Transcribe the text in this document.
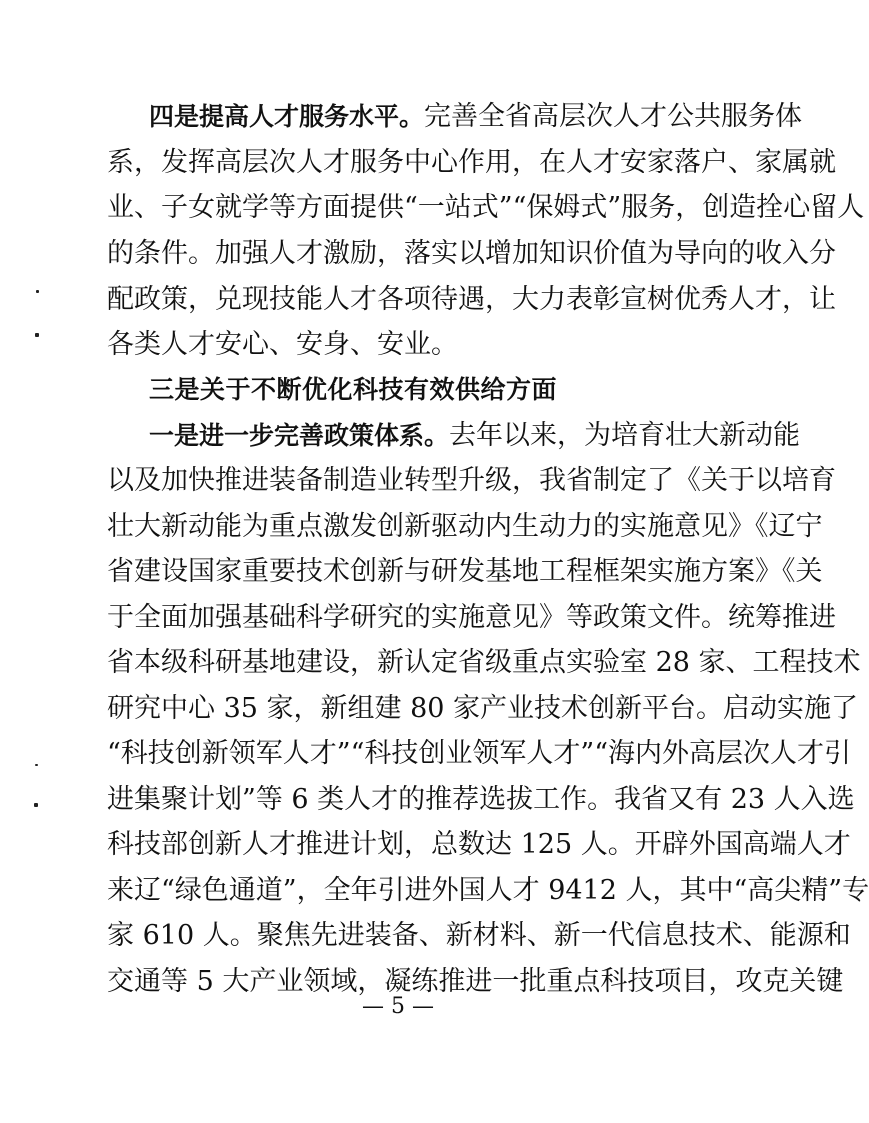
四是提高人才服务水平。完善全省高层次人才公共服务体
系，发挥高层次人才服务中心作用，在人才安家落户、家属就
业、子女就学等方面提供“一站式”“保姆式”服务，创造拴心留人
的条件。加强人才激励，落实以增加知识价值为导向的收入分
配政策，兑现技能人才各项待遇，大力表彰宣树优秀人才，让
各类人才安心、安身、安业。
三是关于不断优化科技有效供给方面
一是进一步完善政策体系。去年以来，为培育壮大新动能
以及加快推进装备制造业转型升级，我省制定了《关于以培育
壮大新动能为重点激发创新驱动内生动力的实施意见》《辽宁
省建设国家重要技术创新与研发基地工程框架实施方案》《关
于全面加强基础科学研究的实施意见》等政策文件。统筹推进
省本级科研基地建设，新认定省级重点实验室 28 家、工程技术
研究中心 35 家，新组建 80 家产业技术创新平台。启动实施了
“科技创新领军人才”“科技创业领军人才”“海内外高层次人才引
进集聚计划”等 6 类人才的推荐选拔工作。我省又有 23 人入选
科技部创新人才推进计划，总数达 125 人。开辟外国高端人才
来辽“绿色通道”，全年引进外国人才 9412 人，其中“高尖精”专
家 610 人。聚焦先进装备、新材料、新一代信息技术、能源和
交通等 5 大产业领域，凝练推进一批重点科技项目，攻克关键
— 5 —
